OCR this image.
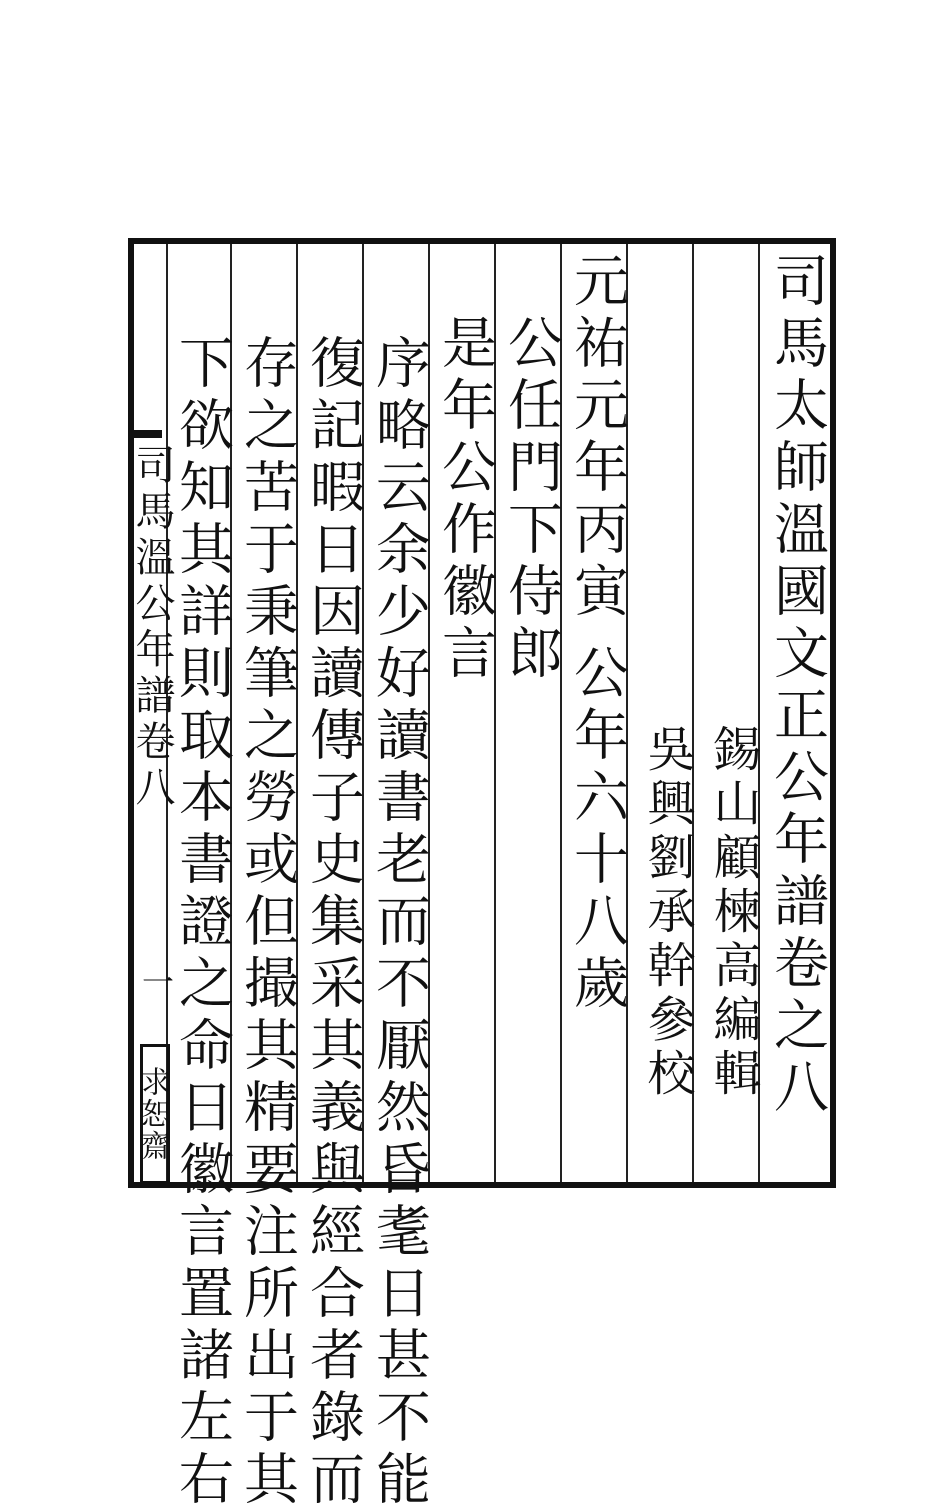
司馬太師溫國文正公年譜卷之八
錫山顧楝高編輯
吳興劉承幹參校
元祐元年丙寅
公年六十八歲
公任門下侍郎
是年公作徽言
序略云余少好讀書老而不厭然昏耄日甚不能
復記暇日因讀傳子史集采其義與經合者錄而
存之苦于秉筆之勞或但撮其精要注所出于其
下欲知其詳則取本書證之命日徽言置諸左右
司馬溫公年譜卷八
一
求恕齋
